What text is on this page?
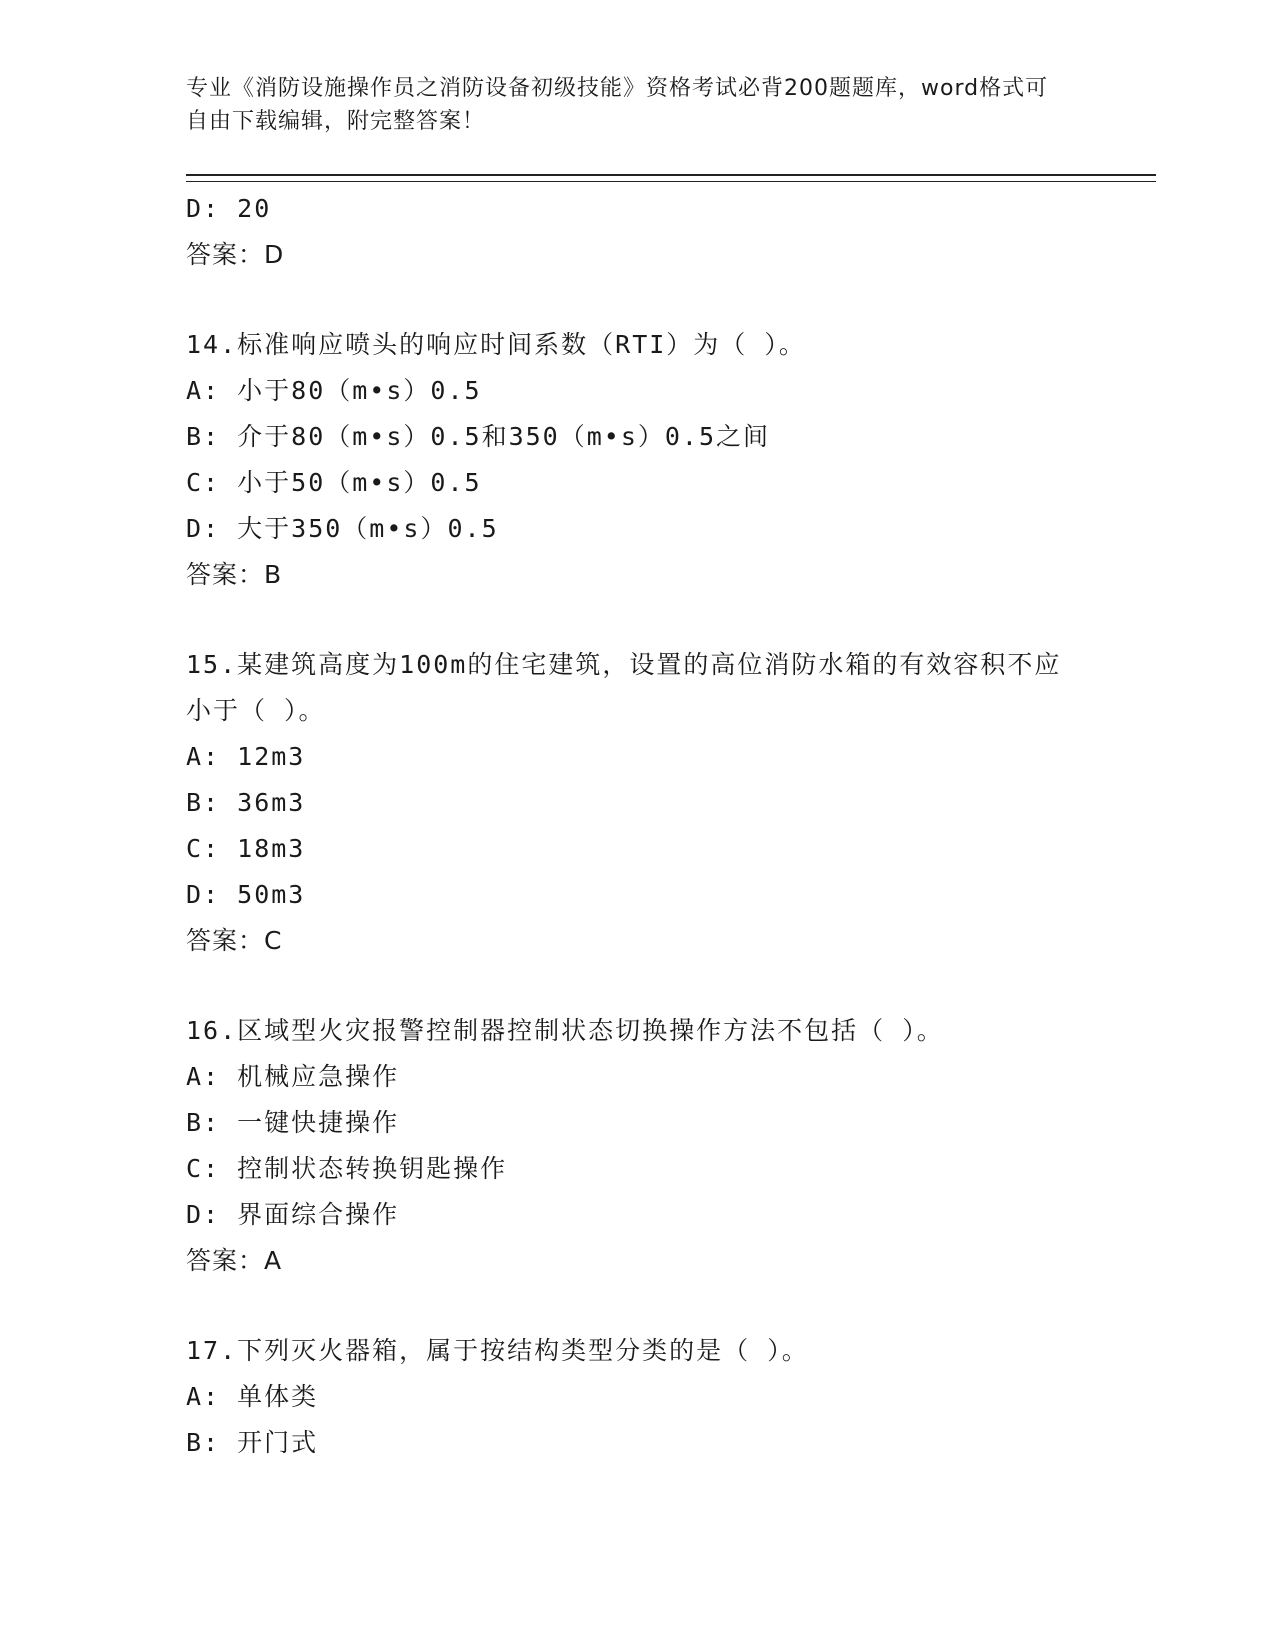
专业《消防设施操作员之消防设备初级技能》资格考试必背200题题库，word格式可自由下载编辑，附完整答案！
D: 20
答案：D
14.标准响应喷头的响应时间系数（RTI）为（ ）。
A: 小于80（m•s）0.5
B: 介于80（m•s）0.5和350（m•s）0.5之间
C: 小于50（m•s）0.5
D: 大于350（m•s）0.5
答案：B
15.某建筑高度为100m的住宅建筑，设置的高位消防水箱的有效容积不应小于（ ）。
A: 12m3
B: 36m3
C: 18m3
D: 50m3
答案：C
16.区域型火灾报警控制器控制状态切换操作方法不包括（ ）。
A: 机械应急操作
B: 一键快捷操作
C: 控制状态转换钥匙操作
D: 界面综合操作
答案：A
17.下列灭火器箱，属于按结构类型分类的是（ ）。
A: 单体类
B: 开门式
